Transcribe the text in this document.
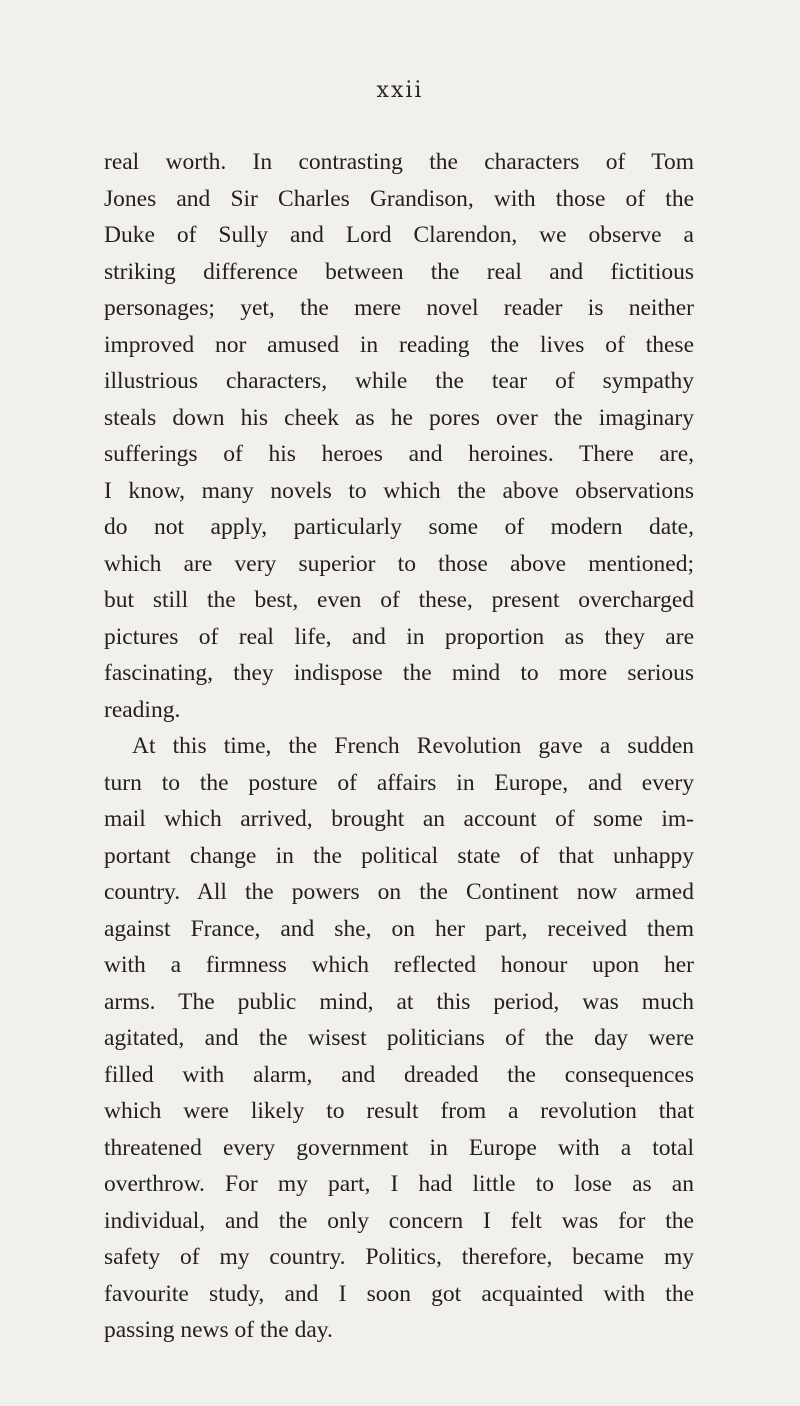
xxii
real worth. In contrasting the characters of Tom
Jones and Sir Charles Grandison, with those of the
Duke of Sully and Lord Clarendon, we observe a
striking difference between the real and fictitious
personages; yet, the mere novel reader is neither
improved nor amused in reading the lives of these
illustrious characters, while the tear of sympathy
steals down his cheek as he pores over the imaginary
sufferings of his heroes and heroines. There are,
I know, many novels to which the above observations
do not apply, particularly some of modern date,
which are very superior to those above mentioned;
but still the best, even of these, present overcharged
pictures of real life, and in proportion as they are
fascinating, they indispose the mind to more serious
reading.
At this time, the French Revolution gave a sudden
turn to the posture of affairs in Europe, and every
mail which arrived, brought an account of some im-
portant change in the political state of that unhappy
country. All the powers on the Continent now armed
against France, and she, on her part, received them
with a firmness which reflected honour upon her
arms. The public mind, at this period, was much
agitated, and the wisest politicians of the day were
filled with alarm, and dreaded the consequences
which were likely to result from a revolution that
threatened every government in Europe with a total
overthrow. For my part, I had little to lose as an
individual, and the only concern I felt was for the
safety of my country. Politics, therefore, became my
favourite study, and I soon got acquainted with the
passing news of the day.
